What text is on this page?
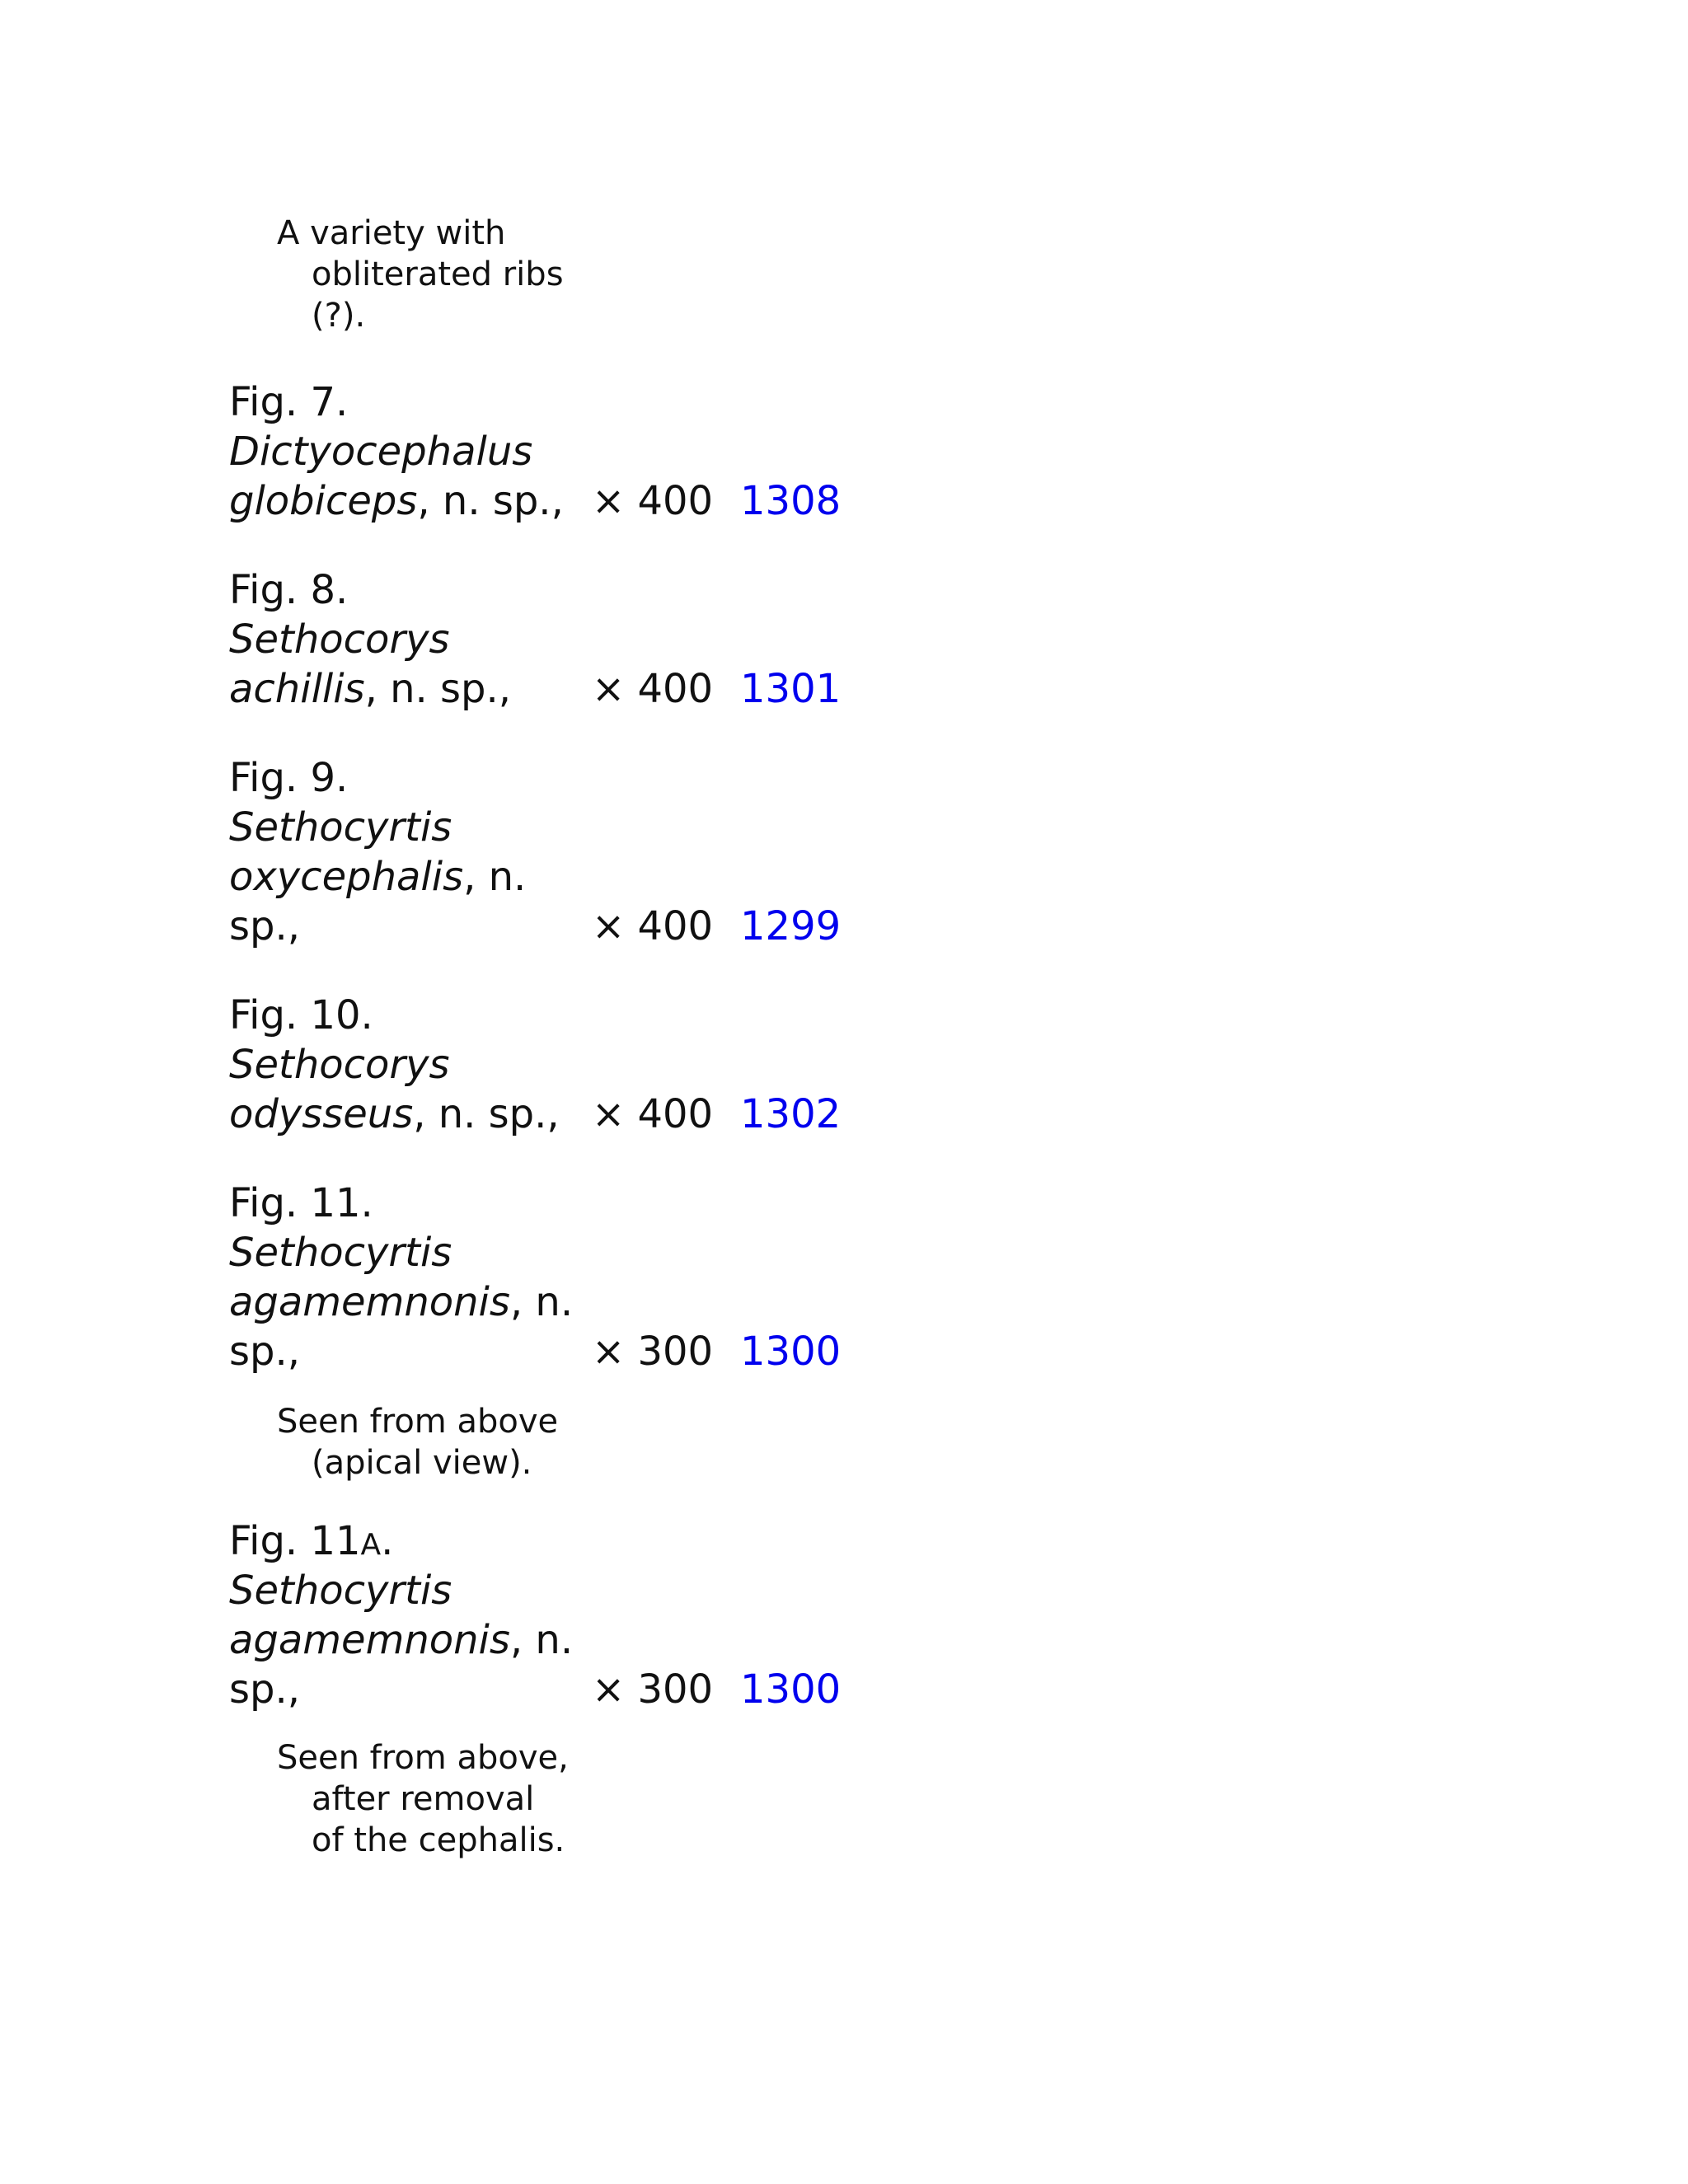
A variety with
obliterated ribs
(?).
Fig. 7.
Dictyocephalus
globiceps, n. sp., × 400 1308
Fig. 8.
Sethocorys
achillis, n. sp., × 400 1301
Fig. 9.
Sethocyrtis
oxycephalis, n.
sp.,	× 400 1299
Fig. 10.
Sethocorys
odysseus, n. sp., × 400 1302
Fig. 11.
Sethocyrtis
agamemnonis, n.
sp.,	× 300 1300
Seen from above
(apical view).
Fig. 11A.
Sethocyrtis
agamemnonis, n.
sp.,	× 300 1300
Seen from above,
after removal
of the cephalis.
